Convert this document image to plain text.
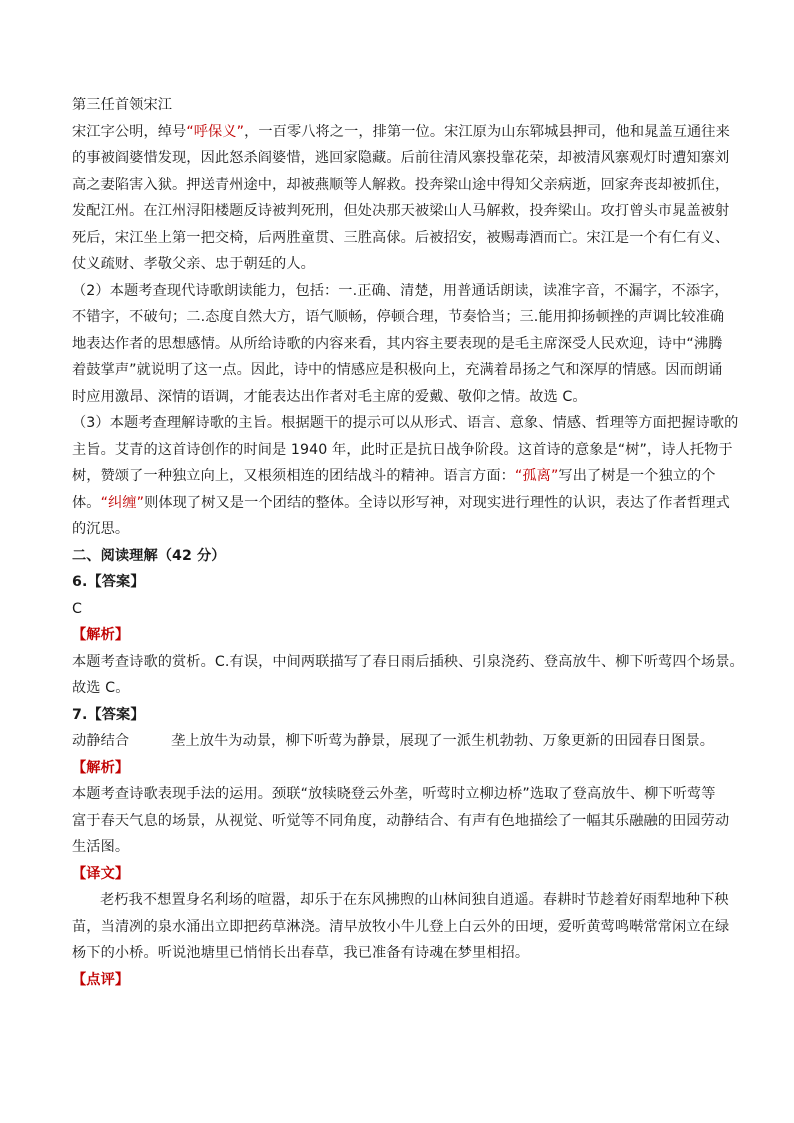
第三任首领宋江
宋江字公明，绰号“呼保义”，一百零八将之一，排第一位。宋江原为山东郓城县押司，他和晁盖互通往来
的事被阎婆惜发现，因此怒杀阎婆惜，逃回家隐藏。后前往清风寨投靠花荣，却被清风寨观灯时遭知寨刘
高之妻陷害入狱。押送青州途中，却被燕顺等人解救。投奔梁山途中得知父亲病逝，回家奔丧却被抓住，
发配江州。在江州浔阳楼题反诗被判死刑，但处决那天被梁山人马解救，投奔梁山。攻打曾头市晁盖被射
死后，宋江坐上第一把交椅，后两胜童贯、三胜高俅。后被招安，被赐毒酒而亡。宋江是一个有仁有义、
仗义疏财、孝敬父亲、忠于朝廷的人。
（2）本题考查现代诗歌朗读能力，包括：一.正确、清楚，用普通话朗读，读准字音，不漏字，不添字，
不错字，不破句；二.态度自然大方，语气顺畅，停顿合理，节奏恰当；三.能用抑扬顿挫的声调比较准确
地表达作者的思想感情。从所给诗歌的内容来看，其内容主要表现的是毛主席深受人民欢迎，诗中“沸腾
着鼓掌声”就说明了这一点。因此，诗中的情感应是积极向上，充满着昂扬之气和深厚的情感。因而朗诵
时应用激昂、深情的语调，才能表达出作者对毛主席的爱戴、敬仰之情。故选 C。
（3）本题考查理解诗歌的主旨。根据题干的提示可以从形式、语言、意象、情感、哲理等方面把握诗歌的
主旨。艾青的这首诗创作的时间是 1940 年，此时正是抗日战争阶段。这首诗的意象是“树”，诗人托物于
树，赞颂了一种独立向上，又根须相连的团结战斗的精神。语言方面：“孤离”写出了树是一个独立的个
体。“纠缠”则体现了树又是一个团结的整体。全诗以形写神，对现实进行理性的认识，表达了作者哲理式
的沉思。
二、阅读理解（42 分）
6.【答案】
C
【解析】
本题考查诗歌的赏析。C.有误，中间两联描写了春日雨后插秧、引泉浇药、登高放牛、柳下听莺四个场景。
故选 C。
7.【答案】
动静结合	垄上放牛为动景，柳下听莺为静景，展现了一派生机勃勃、万象更新的田园春日图景。
【解析】
本题考查诗歌表现手法的运用。颈联“放犊晓登云外垄，听莺时立柳边桥”选取了登高放牛、柳下听莺等
富于春天气息的场景，从视觉、听觉等不同角度，动静结合、有声有色地描绘了一幅其乐融融的田园劳动
生活图。
【译文】
老朽我不想置身名利场的喧嚣，却乐于在东风拂煦的山林间独自逍遥。春耕时节趁着好雨犁地种下秧
苗，当清冽的泉水涌出立即把药草淋浇。清早放牧小牛儿登上白云外的田埂，爱听黄莺鸣啭常常闲立在绿
杨下的小桥。听说池塘里已悄悄长出春草，我已准备有诗魂在梦里相招。
【点评】
